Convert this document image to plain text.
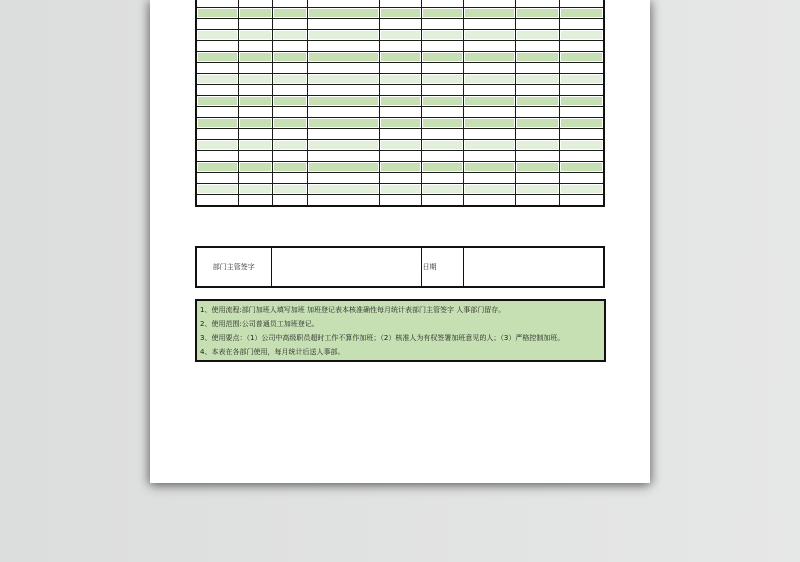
部门主管签字		日期	
1、使用流程:部门加班人填写加班 加班登记表本核准确性每月统计表部门主管签字 人事部门留存。
2、使用范围:公司普通员工加班登记。
3、使用要点：（1）公司中高级职员超时工作不算作加班；（2）核准人为有权签署加班意见的人；（3）严格控制加班。
4、本表在各部门使用，每月统计后送人事部。
